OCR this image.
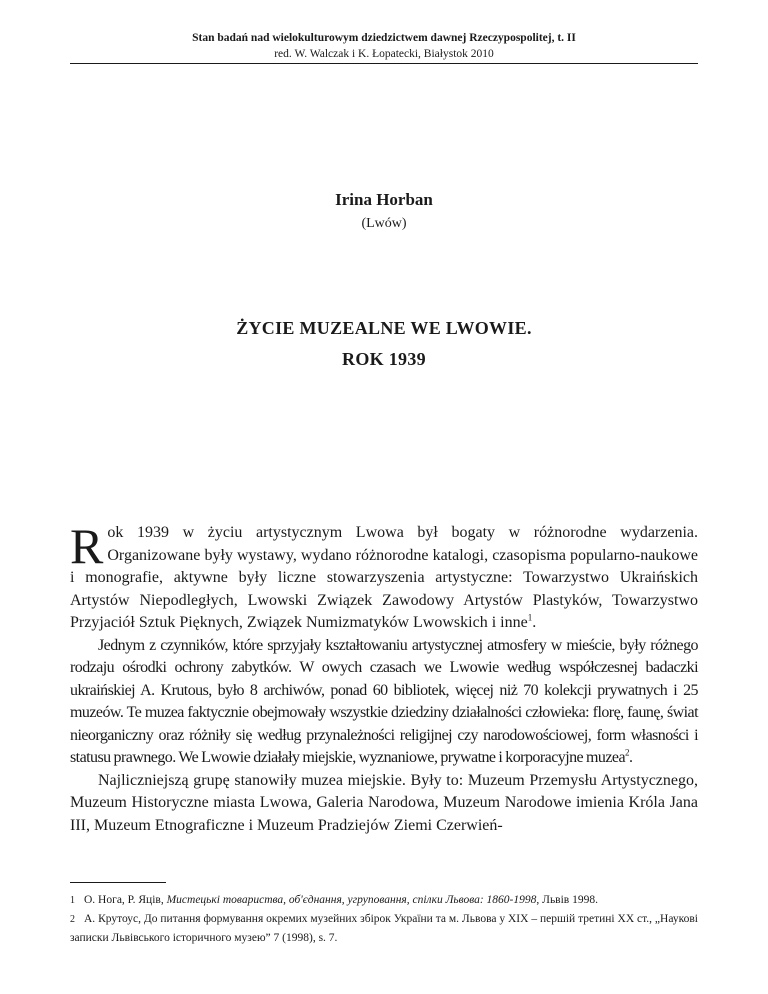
Stan badań nad wielokulturowym dziedzictwem dawnej Rzeczypospolitej, t. II
red. W. Walczak i K. Łopatecki, Białystok 2010
Irina Horban
(Lwów)
ŻYCIE MUZEALNE WE LWOWIE.
ROK 1939

Rok 1939 w życiu artystycznym Lwowa był bogaty w różnorodne wydarzenia. Organizowane były wystawy, wydano różnorodne katalogi, czasopisma popularno-naukowe i monografie, aktywne były liczne stowarzyszenia artystyczne: Towarzystwo Ukraińskich Artystów Niepodległych, Lwowski Związek Zawodowy Artystów Plastyków, Towarzystwo Przyjaciół Sztuk Pięknych, Związek Numizmatyków Lwowskich i inne$^1$.

Jednym z czynników, które sprzyjały kształtowaniu artystycznej atmosfery w mieście, były różnego rodzaju ośrodki ochrony zabytków. W owych czasach we Lwowie według współczesnej badaczki ukraińskiej A. Krutous, było 8 archiwów, ponad 60 bibliotek, więcej niż 70 kolekcji prywatnych i 25 muzeów. Te muzea faktycznie obejmowały wszystkie dziedziny działalności człowieka: florę, faunę, świat nieorganiczny oraz różniły się według przynależności religijnej czy narodowościowej, form własności i statusu prawnego. We Lwowie działały miejskie, wyznaniowe, prywatne i korporacyjne muzea$^2$.

Najliczniejszą grupę stanowiły muzea miejskie. Były to: Muzeum Przemysłu Artystycznego, Muzeum Historyczne miasta Lwowa, Galeria Narodowa, Muzeum Narodowe imienia Króla Jana III, Muzeum Etnograficzne i Muzeum Pradziejów Ziemi Czerwień-

1 O. Нога, Р. Яців, Мистецькі товариства, об'єднання, угруповання, спілки Львова: 1860-1998, Львів 1998.

2 A. Крутоус, До питання формування окремих музейних збірок України та м. Львова у XIX – першій третині XX ст., „Наукові записки Львівського історичного музею” 7 (1998), s. 7.
